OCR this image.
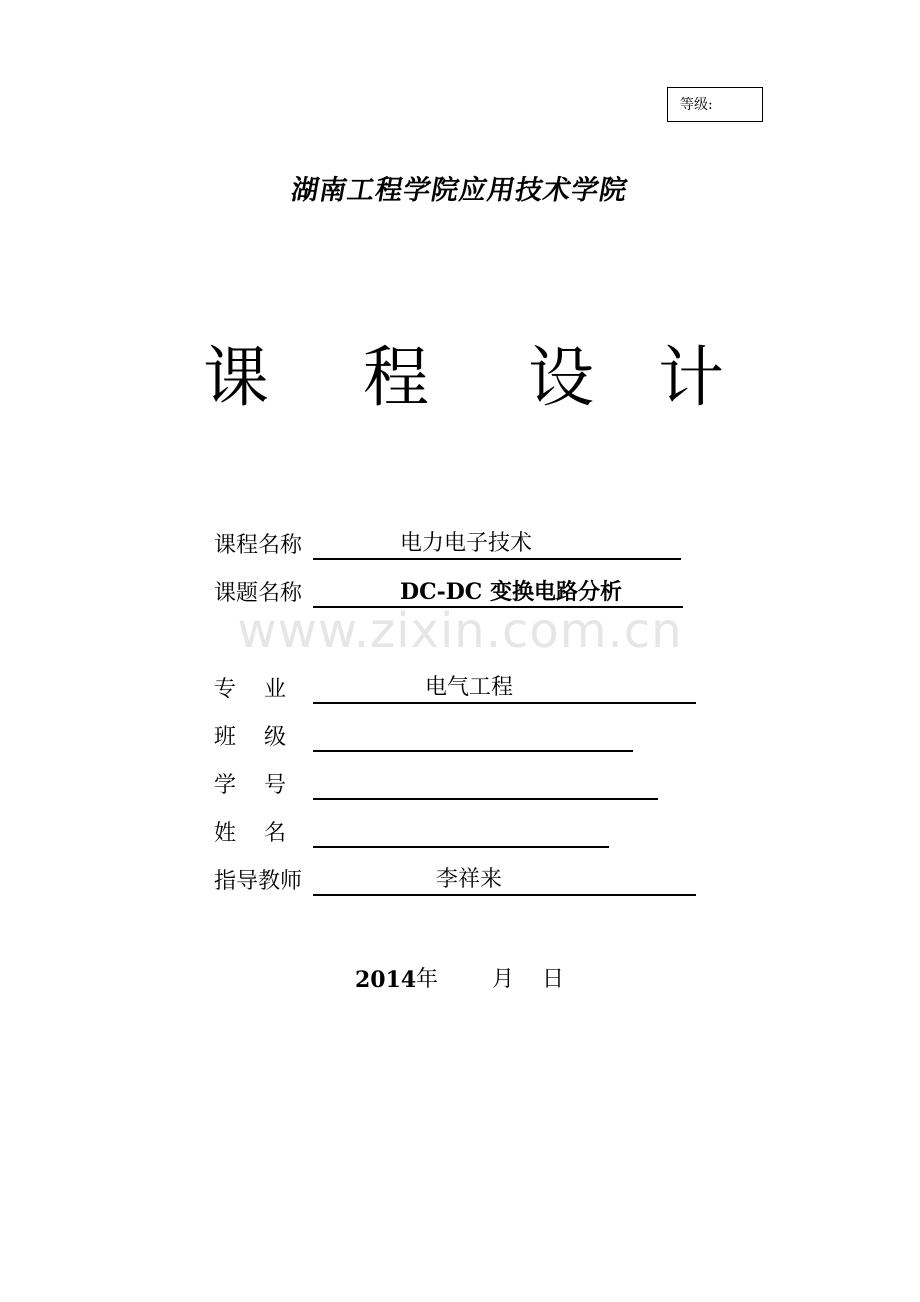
等级:
湖南工程学院应用技术学院
课 程 设 计
www.zixin.com.cn
课程名称	电力电子技术
课题名称	DC-DC 变换电路分析
专    业	电气工程
班    级
学    号
姓    名
指导教师	李祥来
2014 年 月 日
